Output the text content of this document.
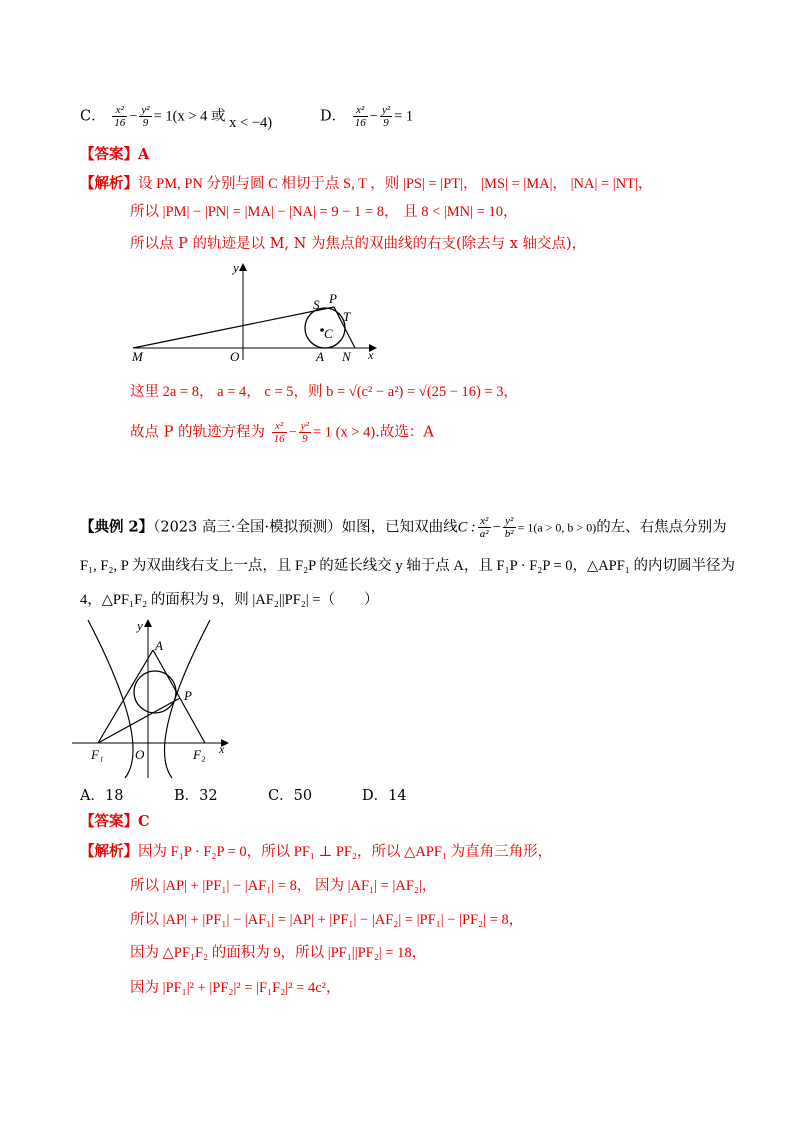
C． $\frac{\text{x²}}{16} - \frac{\text{y²}}{9} = 1(x > 4$ 或 x < −4)	D． $\frac{\text{x²}}{16} - \frac{\text{y²}}{9} = 1$
【答案】A
【解析】设 PM, PN 分别与圆 C 相切于点 S, T ，则 |PS| = |PT|， |MS| = |MA|， |NA| = |NT|，
所以 |PM| − |PN| = |MA| − |NA| = 9 − 1 = 8， 且 8 < |MN| = 10，
所以点 P 的轨迹是以 M, N 为焦点的双曲线的右支(除去与 x 轴交点)，
y
M	O	A N x
S P
T
C
这里 2a = 8， a = 4， c = 5，则 b = √(c² − a²) = √(25 − 16) = 3，
故点 P 的轨迹方程为 $\frac{\text{x²}}{16} - \frac{\text{y²}}{9} = 1$ (x > 4).故选：A
【典例 2】（2023 高三·全国·模拟预测）如图，已知双曲线C : $\frac{\text{x²}}{\text{a²}} - \frac{\text{y²}}{\text{b²}} = 1(a > 0$, b > 0)的左、右焦点分别为
F₁, F₂, P 为双曲线右支上一点，且 F₂P 的延长线交 y 轴于点 A，且 F₁P · F₂P = 0，△APF₁ 的内切圆半径为
4，△PF₁F₂ 的面积为 9，则 |AF₂||PF₂| =（　　）
y
A
P
F₁ O	F₂ x
A．18	B．32	C．50	D．14
【答案】C
【解析】因为 F₁P · F₂P = 0，所以 PF₁ ⊥ PF₂，所以 △APF₁ 为直角三角形，
所以 |AP| + |PF₁| − |AF₁| = 8， 因为 |AF₁| = |AF₂|，
所以 |AP| + |PF₁| − |AF₁| = |AP| + |PF₁| − |AF₂| = |PF₁| − |PF₂| = 8，
因为 △PF₁F₂ 的面积为 9，所以 |PF₁||PF₂| = 18，
因为 |PF₁|² + |PF₂|² = |F₁F₂|² = 4c²，
